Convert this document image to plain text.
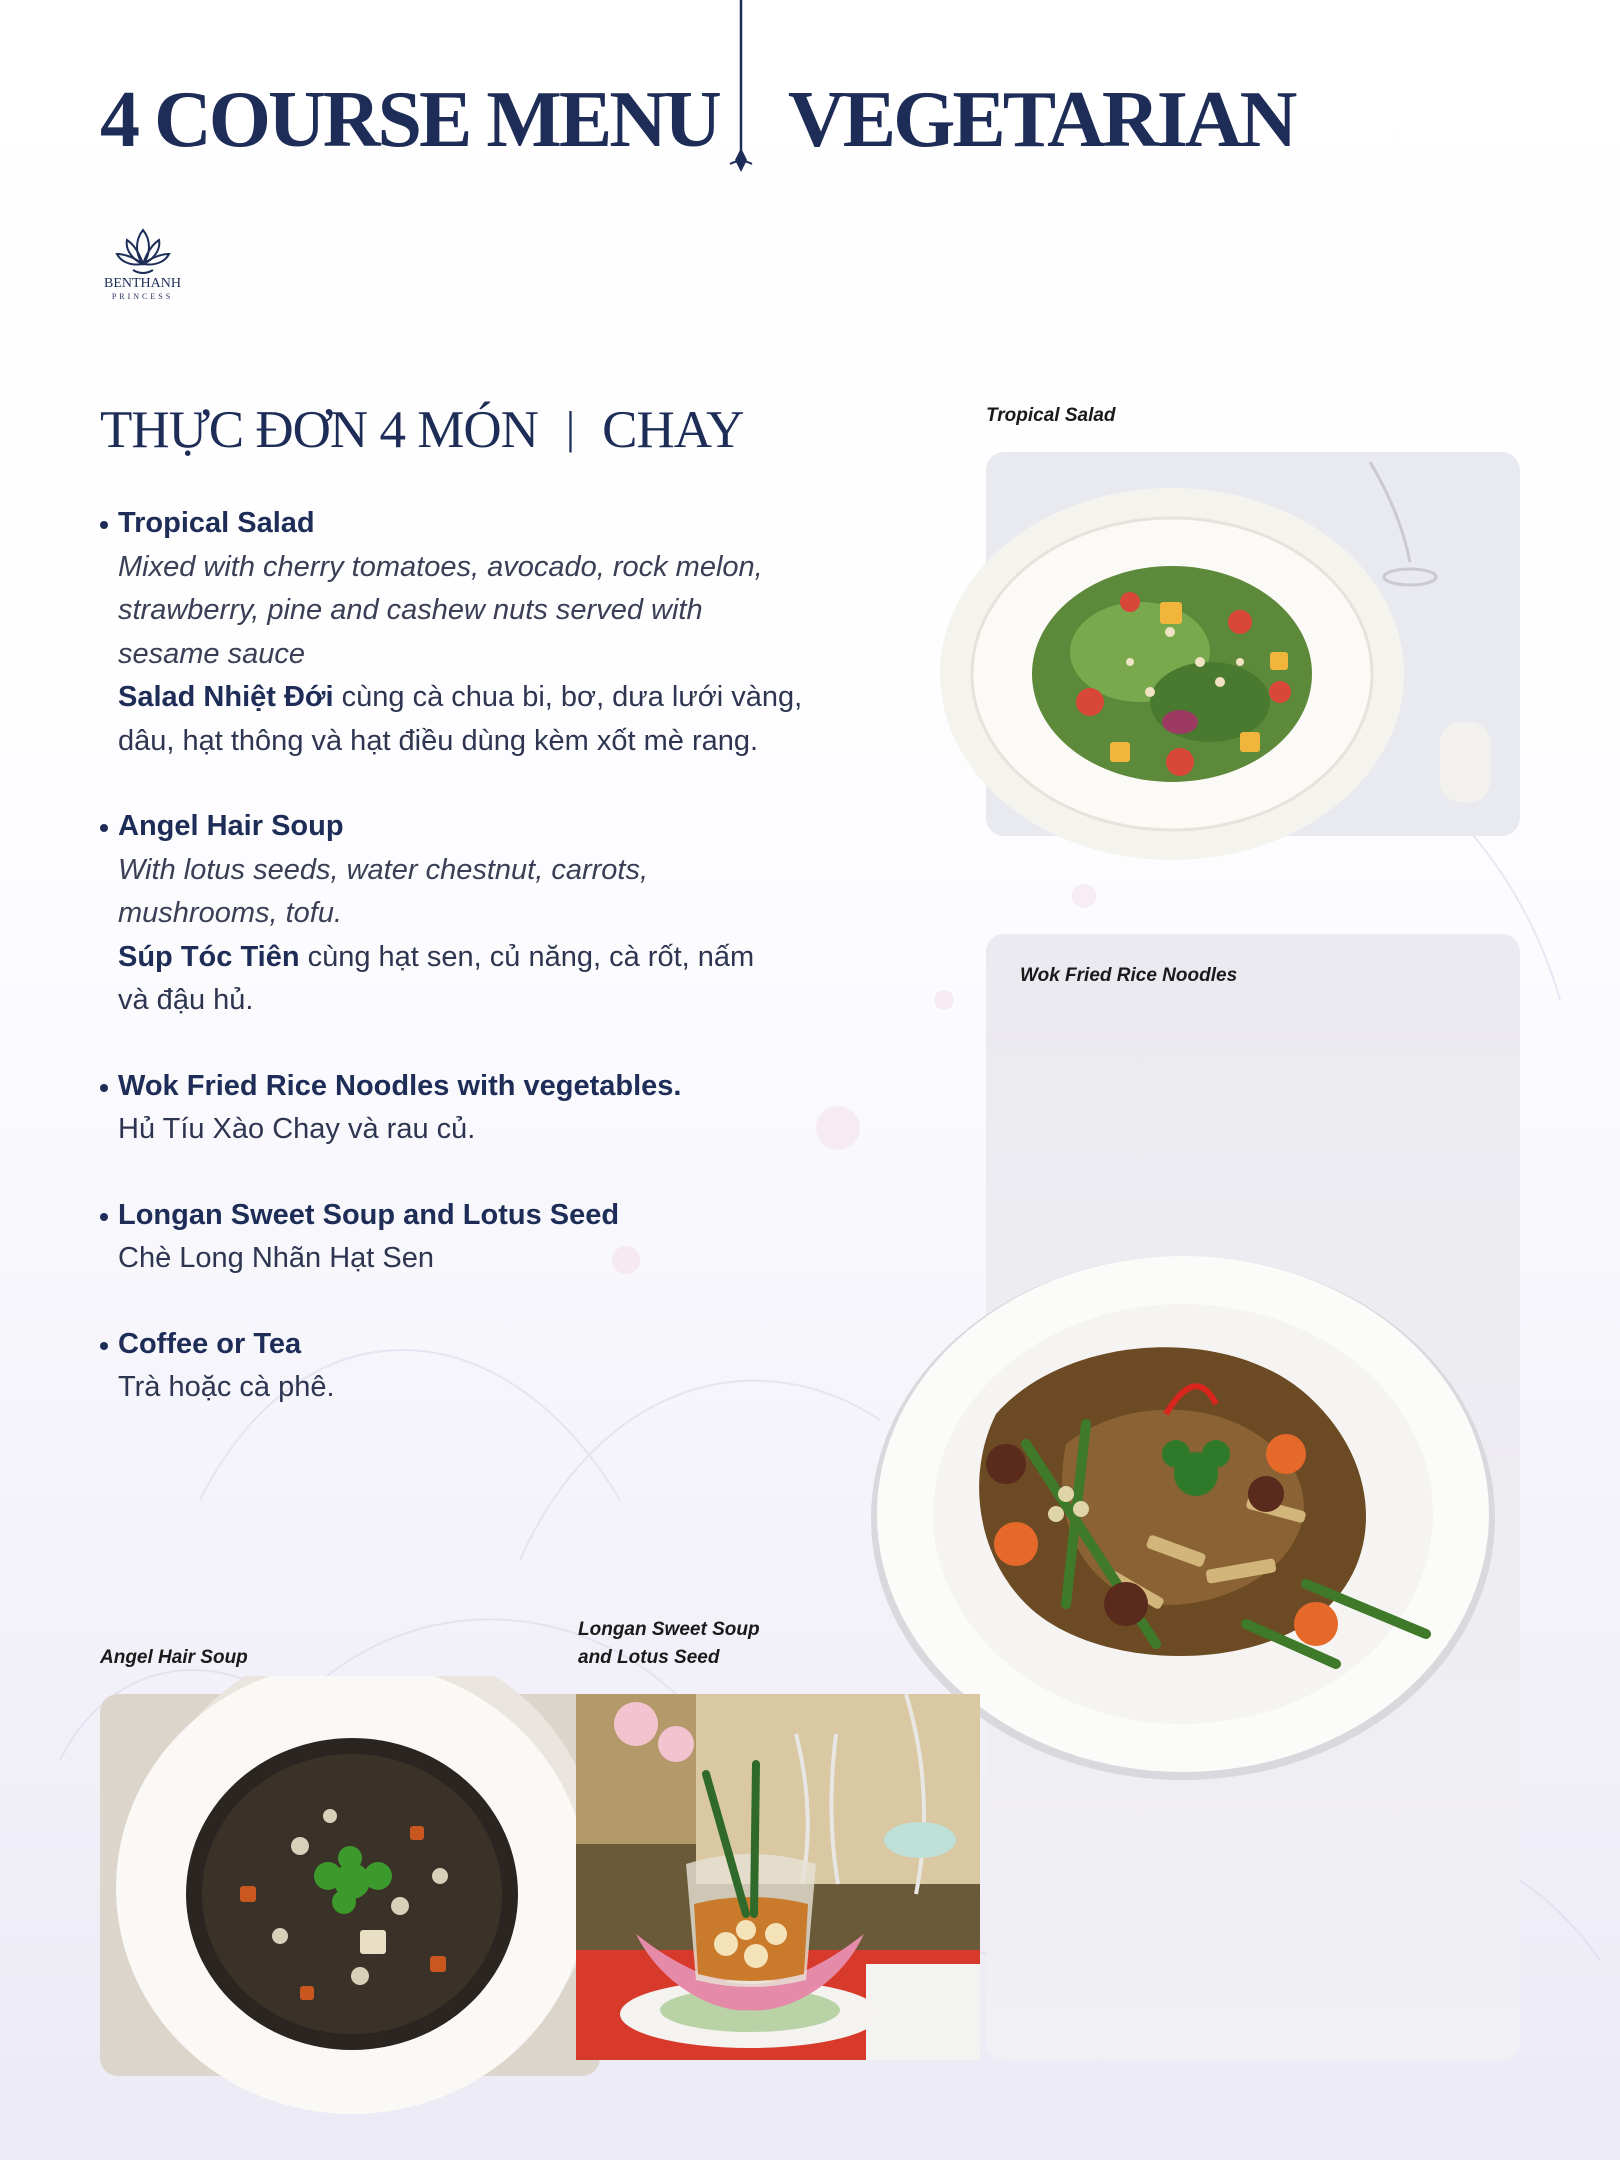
4 COURSE MENU VEGETARIAN
BENTHANH
PRINCESS
THỰC ĐƠN 4 MÓN | CHAY
Tropical Salad
Mixed with cherry tomatoes, avocado, rock melon, strawberry, pine and cashew nuts served with sesame sauce
Salad Nhiệt Đới cùng cà chua bi, bơ, dưa lưới vàng, dâu, hạt thông và hạt điều dùng kèm xốt mè rang.
Angel Hair Soup
With lotus seeds, water chestnut, carrots, mushrooms, tofu.
Súp Tóc Tiên cùng hạt sen, củ năng, cà rốt, nấm và đậu hủ.
Wok Fried Rice Noodles with vegetables.
Hủ Tíu Xào Chay và rau củ.
Longan Sweet Soup and Lotus Seed
Chè Long Nhãn Hạt Sen
Coffee or Tea
Trà hoặc cà phê.
Tropical Salad
Wok Fried Rice Noodles
Angel Hair Soup
Longan Sweet Soup
and Lotus Seed
